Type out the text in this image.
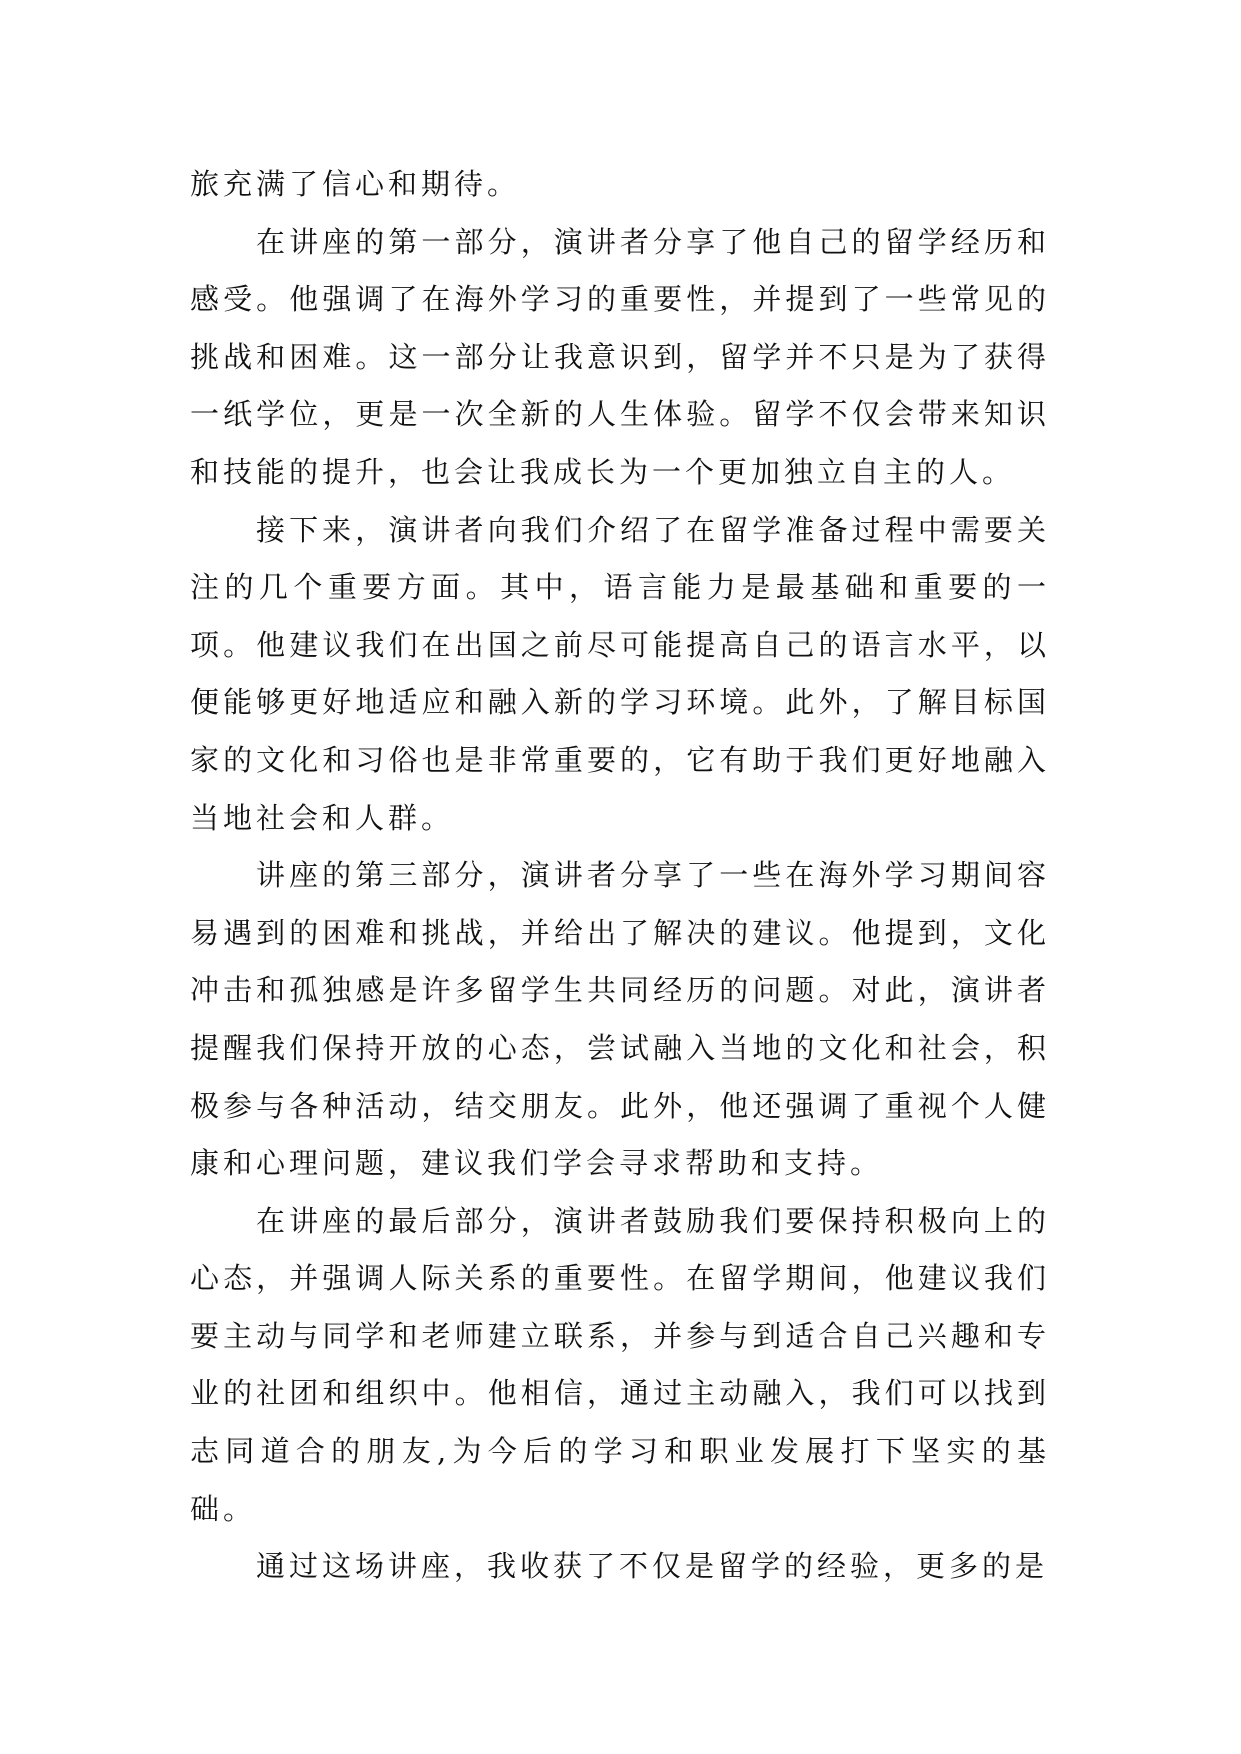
旅充满了信心和期待。

在讲座的第一部分，演讲者分享了他自己的留学经历和感受。他强调了在海外学习的重要性，并提到了一些常见的挑战和困难。这一部分让我意识到，留学并不只是为了获得一纸学位，更是一次全新的人生体验。留学不仅会带来知识和技能的提升，也会让我成长为一个更加独立自主的人。

接下来，演讲者向我们介绍了在留学准备过程中需要关注的几个重要方面。其中，语言能力是最基础和重要的一项。他建议我们在出国之前尽可能提高自己的语言水平，以便能够更好地适应和融入新的学习环境。此外，了解目标国家的文化和习俗也是非常重要的，它有助于我们更好地融入当地社会和人群。

讲座的第三部分，演讲者分享了一些在海外学习期间容易遇到的困难和挑战，并给出了解决的建议。他提到，文化冲击和孤独感是许多留学生共同经历的问题。对此，演讲者提醒我们保持开放的心态，尝试融入当地的文化和社会，积极参与各种活动，结交朋友。此外，他还强调了重视个人健康和心理问题，建议我们学会寻求帮助和支持。

在讲座的最后部分，演讲者鼓励我们要保持积极向上的心态，并强调人际关系的重要性。在留学期间，他建议我们要主动与同学和老师建立联系，并参与到适合自己兴趣和专业的社团和组织中。他相信，通过主动融入，我们可以找到志同道合的朋友,为今后的学习和职业发展打下坚实的基础。

通过这场讲座，我收获了不仅是留学的经验，更多的是
